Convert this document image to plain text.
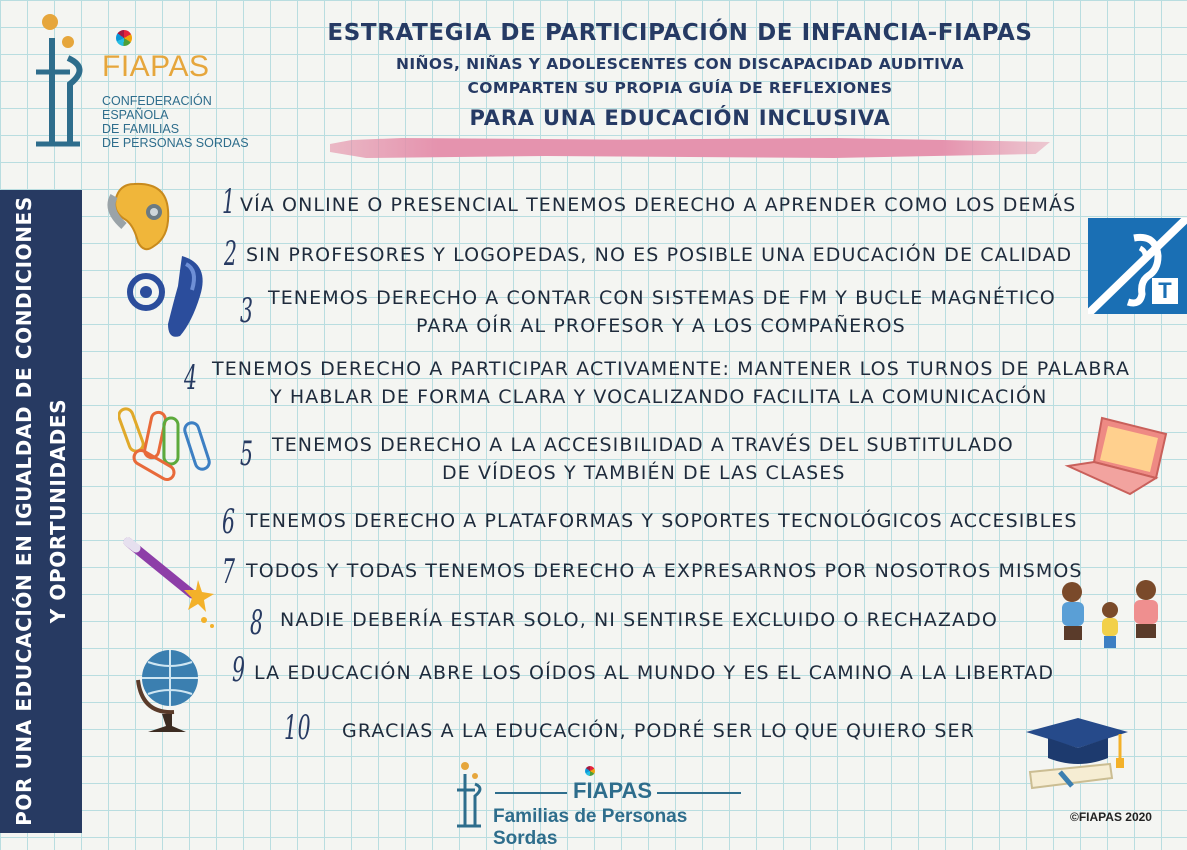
FIAPAS
CONFEDERACIÓN
ESPAÑOLA
DE FAMILIAS
DE PERSONAS SORDAS
ESTRATEGIA DE PARTICIPACIÓN DE INFANCIA-FIAPAS
NIÑOS, NIÑAS Y ADOLESCENTES CON DISCAPACIDAD AUDITIVA
COMPARTEN SU PROPIA GUÍA DE REFLEXIONES
PARA UNA EDUCACIÓN INCLUSIVA
POR UNA EDUCACIÓN EN IGUALDAD DE CONDICIONES Y OPORTUNIDADES
T
1 VÍA ONLINE O PRESENCIAL TENEMOS DERECHO A APRENDER COMO LOS DEMÁS
2 SIN PROFESORES Y LOGOPEDAS, NO ES POSIBLE UNA EDUCACIÓN DE CALIDAD
3 TENEMOS DERECHO A CONTAR CON SISTEMAS DE FM Y BUCLE MAGNÉTICO
PARA OÍR AL PROFESOR Y A LOS COMPAÑEROS
4 TENEMOS DERECHO A PARTICIPAR ACTIVAMENTE: MANTENER LOS TURNOS DE PALABRA
Y HABLAR DE FORMA CLARA Y VOCALIZANDO FACILITA LA COMUNICACIÓN
5 TENEMOS DERECHO A LA ACCESIBILIDAD A TRAVÉS DEL SUBTITULADO
DE VÍDEOS Y TAMBIÉN DE LAS CLASES
6 TENEMOS DERECHO A PLATAFORMAS Y SOPORTES TECNOLÓGICOS ACCESIBLES
7 TODOS Y TODAS TENEMOS DERECHO A EXPRESARNOS POR NOSOTROS MISMOS
8 NADIE DEBERÍA ESTAR SOLO, NI SENTIRSE EXCLUIDO O RECHAZADO
9 LA EDUCACIÓN ABRE LOS OÍDOS AL MUNDO Y ES EL CAMINO A LA LIBERTAD
10 GRACIAS A LA EDUCACIÓN, PODRÉ SER LO QUE QUIERO SER
FIAPAS
Familias de Personas Sordas
©FIAPAS 2020
